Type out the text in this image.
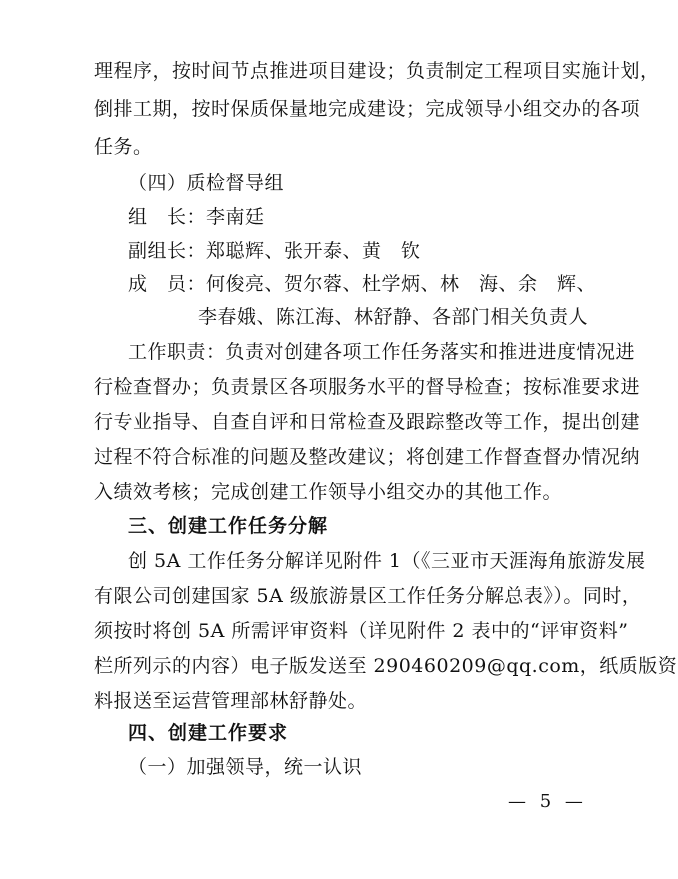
理程序，按时间节点推进项目建设；负责制定工程项目实施计划，
倒排工期，按时保质保量地完成建设；完成领导小组交办的各项
任务。
（四）质检督导组
组　长：李南廷
副组长：郑聪辉、张开泰、黄　钦
成　员：何俊亮、贺尔蓉、杜学炳、林　海、余　辉、
李春娥、陈江海、林舒静、各部门相关负责人
工作职责：负责对创建各项工作任务落实和推进进度情况进
行检查督办；负责景区各项服务水平的督导检查；按标准要求进
行专业指导、自查自评和日常检查及跟踪整改等工作，提出创建
过程不符合标准的问题及整改建议；将创建工作督查督办情况纳
入绩效考核；完成创建工作领导小组交办的其他工作。
三、创建工作任务分解
创 5A 工作任务分解详见附件 1（《三亚市天涯海角旅游发展
有限公司创建国家 5A 级旅游景区工作任务分解总表》）。同时，
须按时将创 5A 所需评审资料（详见附件 2 表中的“评审资料”
栏所列示的内容）电子版发送至 290460209@qq.com，纸质版资
料报送至运营管理部林舒静处。
四、创建工作要求
（一）加强领导，统一认识
— 5 —
